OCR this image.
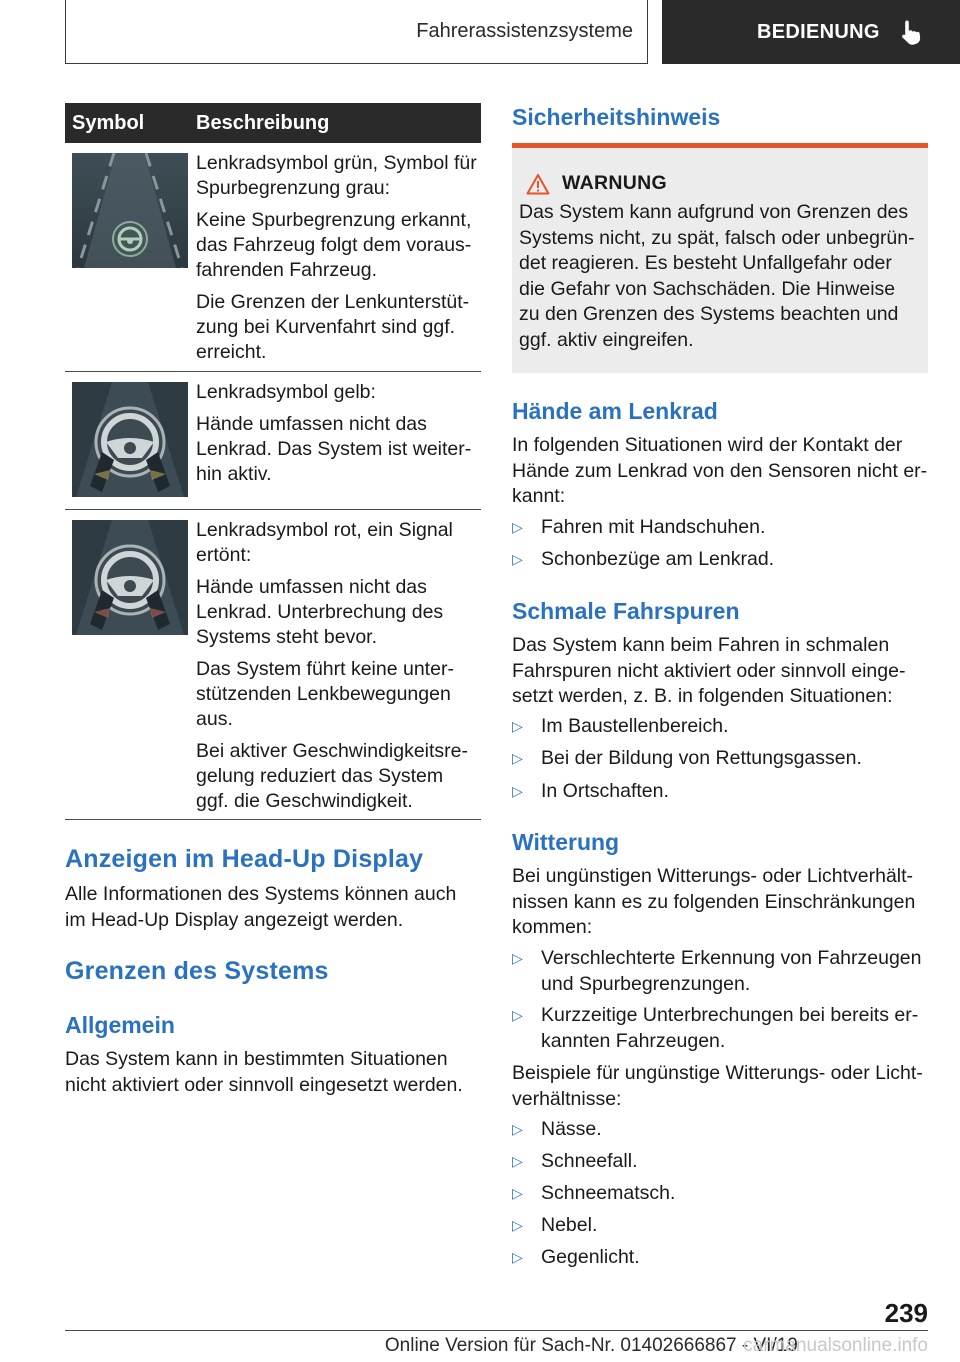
Fahrerassistenzsysteme	BEDIENUNG
Symbol	Beschreibung

Lenkradsymbol grün, Symbol für Spurbegrenzung grau:

Keine Spurbegrenzung erkannt, das Fahrzeug folgt dem voraus-fahrenden Fahrzeug.

Die Grenzen der Lenkunterstüt-zung bei Kurvenfahrt sind ggf. erreicht.

Lenkradsymbol gelb:

Hände umfassen nicht das Lenkrad. Das System ist weiter-hin aktiv.

Lenkradsymbol rot, ein Signal ertönt:

Hände umfassen nicht das Lenkrad. Unterbrechung des Systems steht bevor.

Das System führt keine unter-stützenden Lenkbewegungen aus.

Bei aktiver Geschwindigkeitsre-gelung reduziert das System ggf. die Geschwindigkeit.

Anzeigen im Head-Up Display
Alle Informationen des Systems können auch im Head-Up Display angezeigt werden.
Grenzen des Systems
Allgemein
Das System kann in bestimmten Situationen nicht aktiviert oder sinnvoll eingesetzt werden.
Sicherheitshinweis
WARNUNG
Das System kann aufgrund von Grenzen des Systems nicht, zu spät, falsch oder unbegrün-det reagieren. Es besteht Unfallgefahr oder die Gefahr von Sachschäden. Die Hinweise zu den Grenzen des Systems beachten und ggf. aktiv eingreifen.
Hände am Lenkrad
In folgenden Situationen wird der Kontakt der Hände zum Lenkrad von den Sensoren nicht er-kannt:
▷ Fahren mit Handschuhen.
▷ Schonbezüge am Lenkrad.
Schmale Fahrspuren
Das System kann beim Fahren in schmalen Fahrspuren nicht aktiviert oder sinnvoll einge-setzt werden, z. B. in folgenden Situationen:
▷ Im Baustellenbereich.
▷ Bei der Bildung von Rettungsgassen.
▷ In Ortschaften.
Witterung
Bei ungünstigen Witterungs- oder Lichtverhält-nissen kann es zu folgenden Einschränkungen kommen:
▷ Verschlechterte Erkennung von Fahrzeugen und Spurbegrenzungen.
▷ Kurzzeitige Unterbrechungen bei bereits er-kannten Fahrzeugen.
Beispiele für ungünstige Witterungs- oder Licht-verhältnisse:
▷ Nässe.
▷ Schneefall.
▷ Schneematsch.
▷ Nebel.
▷ Gegenlicht.
239
Online Version für Sach-Nr. 01402666867 - VI/19 carmanualsonline.info
